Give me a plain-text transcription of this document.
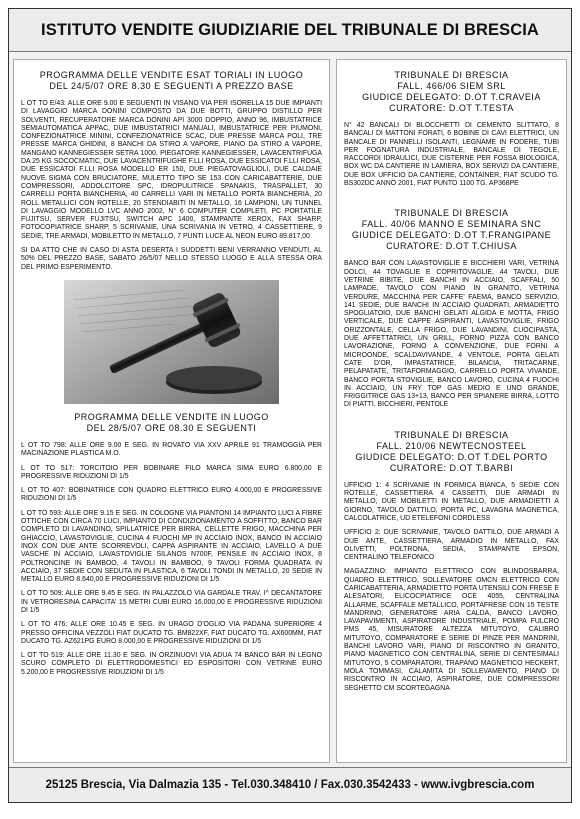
ISTITUTO VENDITE GIUDIZIARIE DEL TRIBUNALE DI BRESCIA
PROGRAMMA DELLE VENDITE ESAT TORIALI IN LUOGO
DEL 24/5/07 ORE 8.30 E SEGUENTI A PREZZO BASE

L OT TO E/43: ALLE ORE 9.00 E SEGUENTI IN VISANO VIA PER ISORELLA 15 DUE IMPIANTI DI LAVAGGIO MARCA DONINI COMPOSTO DA DUE BOTTI, GRUPPO DISTILLO PER SOLVENTI, RECUPERATORE MARCA DONINI API 3000 DOPPIO, ANNO 96, IMBUSTATRICE SEMIAUTOMATICA APPAC, DUE IMBUSTATRICI MANUALI, IMBUSTATRICE PER PIUMONI, CONFEZIONATRICE MININI, CONFEZIONATRICE SCAC, DUE PRESSE MARCA POLI, TRE PRESSE MARCA GHIDINI, 8 BANCHI DA STIRO A VAPORE, PIANO DA STIRO A VAPORE, MANGANO KANNEGIESSER SETRA 1000, PIEGATORE KANNEGIESSER, LAVACENTRIFUGA DA 25 KG SOCOCMATIC, DUE LAVACENTRIFUGHE F.LLI ROSA, DUE ESSICATOI F.LLI ROSA, DUE ESSICATOI F.LLI ROSA MODELLO ER 150, DUE PIEGATOVAGLIOLI, DUE CALDAIE NUOVE SIGMA CON BRUCIATORE, MULETTO TIPO SE 153 CON CARICABATTERIE, DUE COMPRESSORI, ADDOLCITORE SPC, IDROPULITRICE SPANAKIS, TRASPALLET, 30 CARRELLI PORTA BIANCHERIA, 40 CARRELLI VARI IN METALLO PORTA BIANCHERIA, 20 ROLL METALLICI CON ROTELLE, 20 STENDIABITI IN METALLO, 16 LAMPIONI, UN TUNNEL DI LAVAGGIO MODELLO LVC ANNO 2002, N° 6 COMPUTER COMPLETI, PC PORTATILE FUJITSU, SERVER FUJITSU, SWITCH APC 1400, STAMPANTE XEROX, FAX SHARP, FOTOCOPIATRICE SHARP, 5 SCRIVANIE, UNA SCRIVANIA IN VETRO, 4 CASSETTIERE, 9 SEDIE, TRE ARMADI, MOBILETTO IN METALLO, 7 PUNTI LUCE AL NEON EURO 89.817,00

SI DA ATTO CHE IN CASO DI ASTA DESERTA I SUDDETTI BENI VERRANNO VENDUTI, AL 50% DEL PREZZO BASE, SABATO 26/5/07 NELLO STESSO LUOGO E ALLA STESSA ORA DEL PRIMO ESPERIMENTO.

PROGRAMMA DELLE VENDITE IN LUOGO
DEL 28/5/07 ORE 08.30 E SEGUENTI

L OT TO 798: ALLE ORE 9.00 E SEG. IN ROVATO VIA XXV APRILE 91 TRAMOGGIA PER MACINAZIONE PLASTICA M.O.

L OT TO 517: TORCITOIO PER BOBINARE FILO MARCA SIMA EURO 6.800,00 E PROGRESSIVE RIDUZIONI DI 1/5

L OT TO 407: BOBINATRICE CON QUADRO ELETTRICO EURO 4.000,00 E PROGRESSIVE RIDUZIONI DI 1/5

L OT TO 593: ALLE ORE 9.15 E SEG. IN COLOGNE VIA PIANTONI 14 IMPIANTO LUCI A FIBRE OTTICHE CON CIRCA 70 LUCI, IMPIANTO DI CONDIZIONAMENTO A SOFFITTO, BANCO BAR COMPLETO DI LAVANDINO, SPILLATRICE PER BIRRA, CELLETTE FRIGO, MACCHINA PER GHIACCIO, LAVASTOVIGLIE, CUCINA 4 FUOCHI MP IN ACCIAIO INOX, BANCO IN ACCIAIO INOX CON DUE ANTE SCORREVOLI, CAPPA ASPIRANTE IN ACCIAIO, LAVELLO A DUE VASCHE IN ACCIAIO, LAVASTOVIGLIE SILANOS N700F, PENSILE IN ACCIAIO INOX, 8 POLTRONCINE IN BAMBOO, 4 TAVOLI IN BAMBOO, 9 TAVOLI FORMA QUADRATA IN ACCIAIO, 37 SEDIE CON SEDUTA IN PLASTICA, 6 TAVOLI TONDI IN METALLO, 20 SEDIE IN METALLO EURO 8.640,00 E PROGRESSIVE RIDUZIONI DI 1/5

L OT TO 509: ALLE ORE 9.45 E SEG. IN PALAZZOLO VIA GARDALE TRAV. I^ DECANTATORE IN VETRORESINA CAPACITA' 15 METRI CUBI EURO 16.000,00 E PROGRESSIVE RIDUZIONI DI 1/5

L OT TO 476: ALLE ORE 10.45 E SEG. IN URAGO D'OGLIO VIA PADANA SUPERIORE 4 PRESSO OFFICINA VEZZOLI FIAT DUCATO TG. BM822XF, FIAT DUCATO TG. AX600MM, FIAT DUCATO TG. AZ621PG EURO 8.000,00 E PROGRESSIVE RIDUZIONI DI 1/5

L OT TO 519: ALLE ORE 11.30 E SEG. IN ORZINUOVI VIA ADUA 74 BANCO BAR IN LEGNO SCURO COMPLETO DI ELETTRODOMESTICI ED ESPOSITORI CON VETRINE EURO 5.200,00 E PROGRESSIVE RIDUZIONI DI 1/5

TRIBUNALE DI BRESCIA
FALL. 466/06 SIEM SRL
GIUDICE DELEGATO: D.OT T.CRAVEIA
CURATORE: D.OT T.TESTA

N° 42 BANCALI DI BLOCCHETTI DI CEMENTO SLITTATO, 8 BANCALI DI MATTONI FORATI, 6 BOBINE DI CAVI ELETTRICI, UN BANCALE DI PANNELLI ISOLANTI, LEGNAME IN FODERE, TUBI PER FOGNATURA INDUSTRIALE, BANCALE DI TEGOLE, RACCORDI IDRAULICI, DUE CISTERNE PER FOSSA BIOLOGICA, BOX WC DA CANTIERE IN LAMIERA, BOX SERVIZI DA CANTIERE, DUE BOX UFFICIO DA CANTIERE, CONTAINER, FIAT SCUDO TG. BS302DC ANNO 2001, FIAT PUNTO 1100 TG. AP368PE

TRIBUNALE DI BRESCIA
FALL. 40/06 MANNO E SEMINARA SNC
GIUDICE DELEGATO: D.OT T.FRANGIPANE
CURATORE: D.OT T.CHIUSA

BANCO BAR CON LAVASTOVIGLIE E BICCHIERI VARI, VETRINA DOLCI, 44 TOVAGLIE E COPRITOVAGLIE, 44 TAVOLI, DUE VETRINE BIBITE, DUE BANCHI IN ACCIAIO, SCAFFALI, 50 LAMPADE, TAVOLO CON PIANO IN GRANITO, VETRINA VERDURE, MACCHINA PER CAFFE' FAEMA, BANCO SERVIZIO, 141 SEDIE, DUE BANCHI IN ACCIAIO QUADRATI, ARMADIETTO SPOGLIATOIO, DUE BANCHI GELATI ALGIDA E MOTTA, FRIGO VERTICALE, DUE CAPPE ASPIRANTI, LAVASTOVIGLIE, FRIGO ORIZZONTALE, CELLA FRIGO, DUE LAVANDINI, CUOCIPASTA, DUE AFFETTATRICI, UN GRILL, FORNO PIZZA CON BANCO LAVORAZIONE, FORNO A CONVENZIONE, DUE FORNI A MICROONDE, SCALDAVIVANDE, 4 VENTOLE, PORTA GELATI CATE D'OR, IMPASTATRICE, BILANCIA, TRITACARNE, PELAPATATE, TRITAFORMAGGIO, CARRELLO PORTA VIVANDE, BANCO PORTA STOVIGLIE, BANCO LAVORO, CUCINA 4 FUOCHI IN ACCIAIO, UN FRY TOP GAS MEDIO E UNO GRANDE, FRIGGITRICE GAS 13+13, BANCO PER SPIANERE BIRRA, LOTTO DI PIATTI, BICCHIERI, PENTOLE

TRIBUNALE DI BRESCIA
FALL. 210/06 NEWTECNOSTEEL
GIUDICE DELEGATO: D.OT T.DEL PORTO
CURATORE: D.OT T.BARBI

UFFICIO 1: 4 SCRIVANIE IN FORMICA BIANCA, 5 SEDIE CON ROTELLE, CASSETTIERA 4 CASSETTI, DUE ARMADI IN METALLO, DUE MOBILETTI IN METALLO, DUE ARMADIETTI A GIORNO, TAVOLO DATTILO, PORTA PC, LAVAGNA MAGNETICA, CALCOLATRICE, UD ETELEFONI CORDLESS

UFFICIO 2: DUE SCRIVANIE, TAVOLO DATTILO, DUE ARMADI A DUE ANTE, CASSETTIERA, ARMADIO IN METALLO, FAX OLIVETTI, POLTRONA, SEDIA, STAMPANTE EPSON, CENTRALINO TELEFONICO

MAGAZZINO: IMPIANTO ELETTRICO CON BLINDOSBARRA, QUADRO ELETTRICO, SOLLEVATORE OMCN ELETTRICO CON CARICABATTERIA, ARMADIETTO PORTA UTENSILI CON FRESE E ALESATORI, ELICOCPIATRICE OCE 4055, CENTRALINA ALLARME, SCAFFALE METALLICO, PORTAFRESE CON 15 TESTE MANDRINO, GENERATORE ARIA CALDA, BANCO LAVORO, LAVAPAVIMENTI, ASPIRATORE INDUSTRIALE, POMPA FULCRO PMS 45, MISURATORE ALTEZZA MITUTOYO, CALIBRO MITUTOYO, COMPARATORE E SERIE DI PINZE PER MANDRINI, BANCHI LAVORO VARI, PIANO DI RISCONTRO IN GRANITO, PIANO MAGNETICO CON CENTRALINA, SERIE DI CENTESIMALI MITUTOYO, 5 COMPARATORI, TRAPANO MAGNETICO HECKERT, MOLA TOMMASI, CALAMITA DI SOLLEVAMENTO, PIANO DI RISCONTRO IN ACCIAIO, ASPIRATORE, DUE COMPRESSORI SEGHETTO CM SCORTEGAGNA

25125 Brescia, Via Dalmazia 135 - Tel.030.348410 / Fax.030.3542433 - www.ivgbrescia.com
